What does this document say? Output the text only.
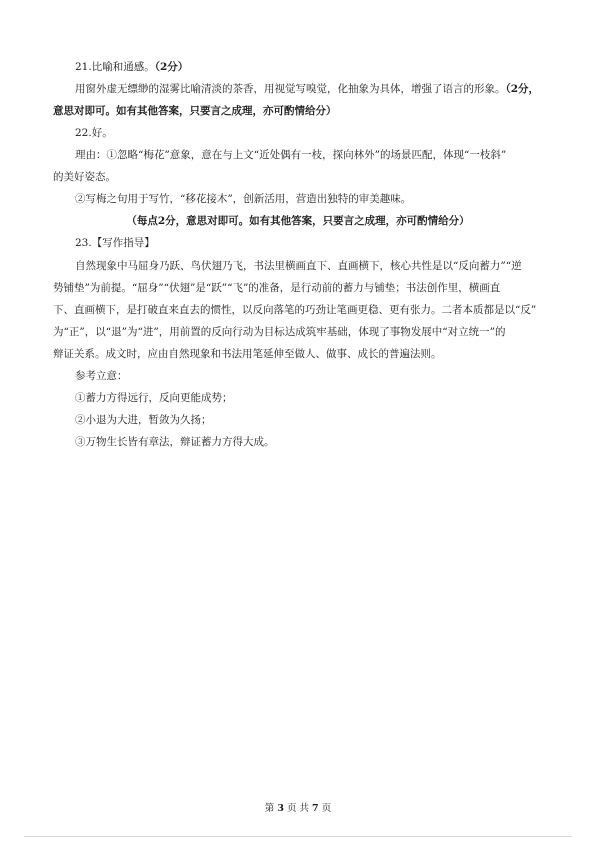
21.比喻和通感。（2分）
用窗外虚无缥缈的湿雾比喻清淡的茶香，用视觉写嗅觉，化抽象为具体，增强了语言的形象。（2分，
意思对即可。如有其他答案，只要言之成理，亦可酌情给分）
22.好。
理由：①忽略“梅花”意象，意在与上文“近处偶有一枝，探向林外”的场景匹配，体现“一枝斜”
的美好姿态。
②写梅之句用于写竹，“移花接木”，创新活用，营造出独特的审美趣味。
（每点2分，意思对即可。如有其他答案，只要言之成理，亦可酌情给分）
23.【写作指导】
自然现象中马屈身乃跃、鸟伏翅乃飞，书法里横画直下、直画横下，核心共性是以“反向蓄力”“逆
势铺垫”为前提。“屈身”“伏翅”是“跃”“飞”的准备，是行动前的蓄力与铺垫；书法创作里，横画直
下、直画横下，是打破直来直去的惯性，以反向落笔的巧劲让笔画更稳、更有张力。二者本质都是以“反”
为“正”，以“退”为“进”，用前置的反向行动为目标达成筑牢基础，体现了事物发展中“对立统一”的
辩证关系。成文时，应由自然现象和书法用笔延伸至做人、做事、成长的普遍法则。
参考立意：
①蓄力方得远行，反向更能成势；
②小退为大进，暂敛为久扬；
③万物生长皆有章法，辩证蓄力方得大成。
第 3 页 共 7 页
